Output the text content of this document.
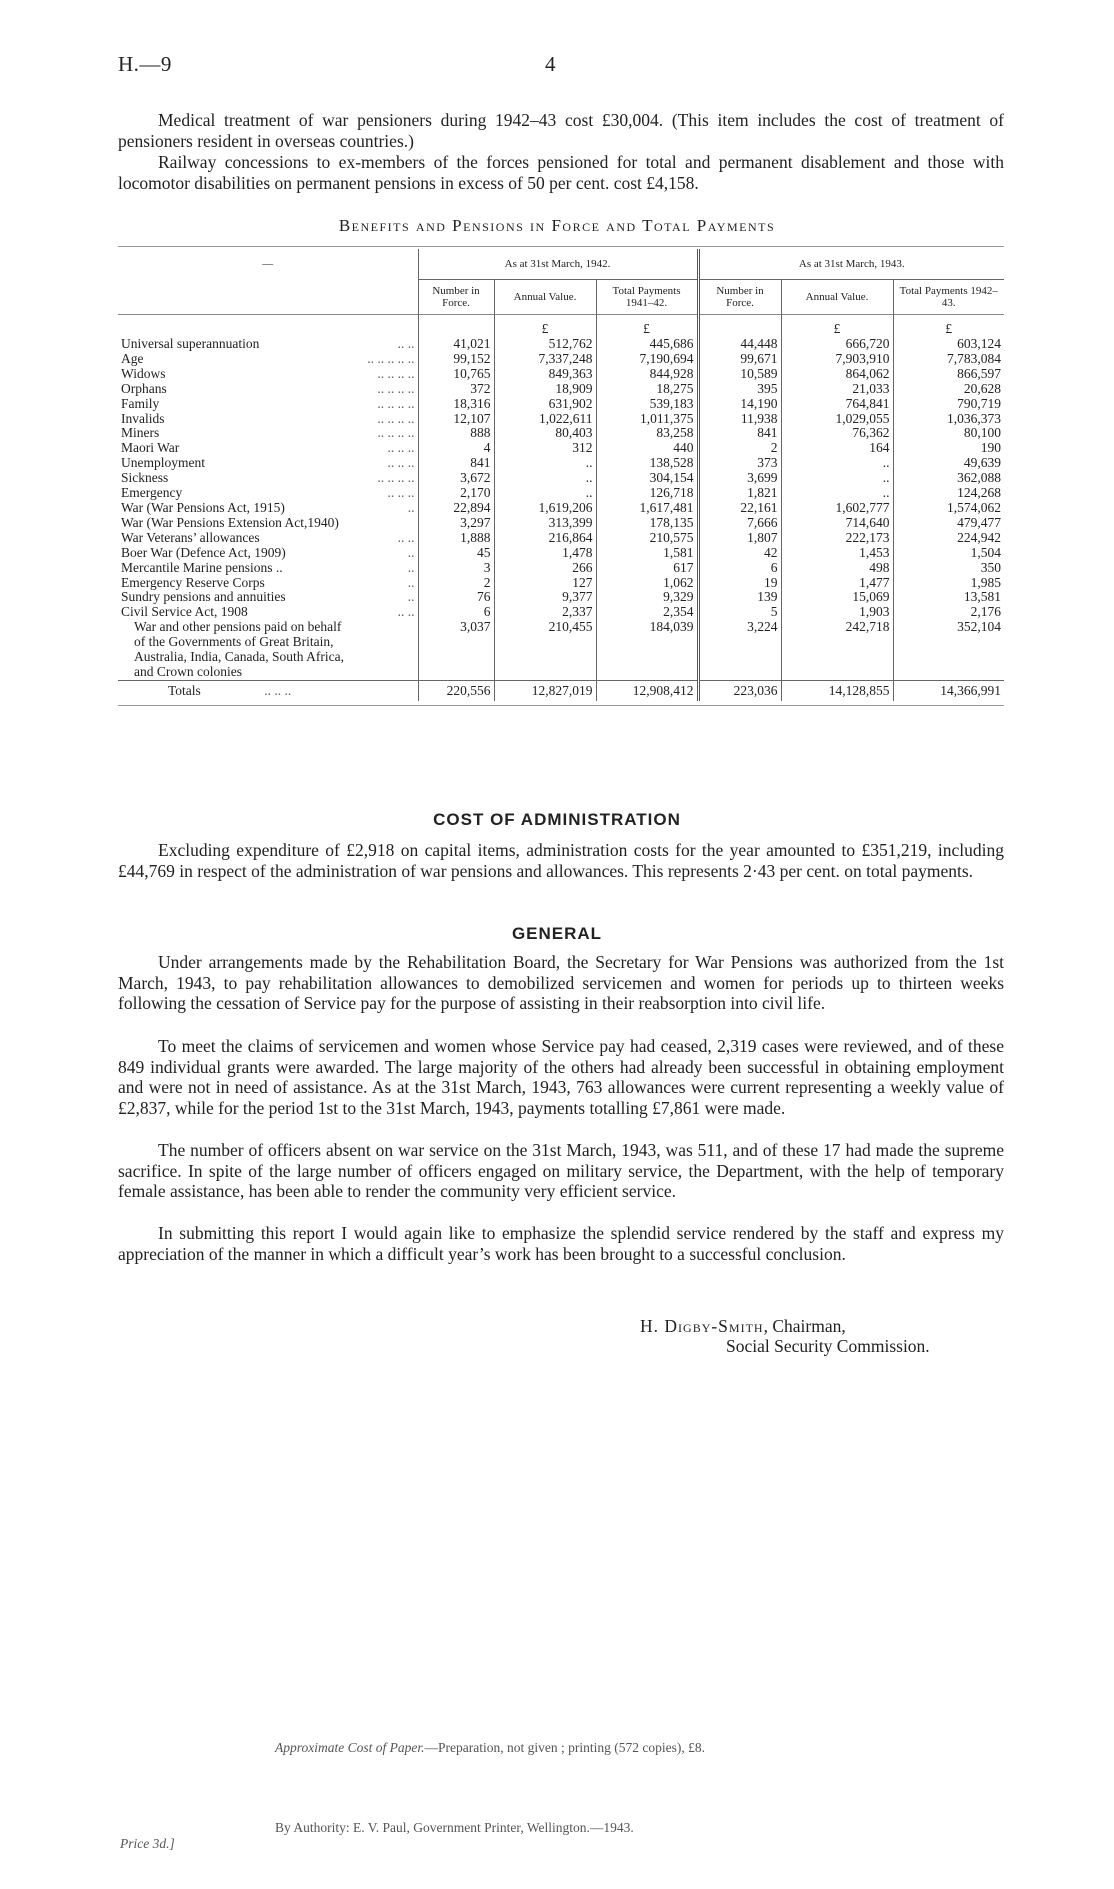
H.—9	4
Medical treatment of war pensioners during 1942–43 cost £30,004. (This item includes the cost of treatment of pensioners resident in overseas countries.)
Railway concessions to ex-members of the forces pensioned for total and permanent disablement and those with locomotor disabilities on permanent pensions in excess of 50 per cent. cost £4,158.
Benefits and Pensions in Force and Total Payments
—	As at 31st March, 1942.			As at 31st March, 1943.		
	Number in Force.	Annual Value.	Total Payments 1941–42.	Number in Force.	Annual Value.	Total Payments 1942–43.
		£	£		£	£
Universal superannuation .. ..	41,021	512,762	445,686	44,448	666,720	603,124
Age .. .. .. .. ..	99,152	7,337,248	7,190,694	99,671	7,903,910	7,783,084
Widows .. .. .. ..	10,765	849,363	844,928	10,589	864,062	866,597
Orphans .. .. .. ..	372	18,909	18,275	395	21,033	20,628
Family .. .. .. ..	18,316	631,902	539,183	14,190	764,841	790,719
Invalids .. .. .. ..	12,107	1,022,611	1,011,375	11,938	1,029,055	1,036,373
Miners .. .. .. ..	888	80,403	83,258	841	76,362	80,100
Maori War .. .. ..	4	312	440	2	164	190
Unemployment .. .. ..	841	..	138,528	373	..	49,639
Sickness .. .. .. ..	3,672	..	304,154	3,699	..	362,088
Emergency .. .. ..	2,170	..	126,718	1,821	..	124,268
War (War Pensions Act, 1915) ..	22,894	1,619,206	1,617,481	22,161	1,602,777	1,574,062
War (War Pensions Extension Act,1940)	3,297	313,399	178,135	7,666	714,640	479,477
War Veterans’ allowances .. ..	1,888	216,864	210,575	1,807	222,173	224,942
Boer War (Defence Act, 1909) ..	45	1,478	1,581	42	1,453	1,504
Mercantile Marine pensions .. ..	3	266	617	6	498	350
Emergency Reserve Corps ..	2	127	1,062	19	1,477	1,985
Sundry pensions and annuities ..	76	9,377	9,329	139	15,069	13,581
Civil Service Act, 1908 .. ..	6	2,337	2,354	5	1,903	2,176
War and other pensions paid on behalf	3,037	210,455	184,039	3,224	242,718	352,104
of the Governments of Great Britain,						
Australia, India, Canada, South Africa,						
and Crown colonies						
Totals .. .. ..	220,556	12,827,019	12,908,412	223,036	14,128,855	14,366,991
COST OF ADMINISTRATION
Excluding expenditure of £2,918 on capital items, administration costs for the year amounted to £351,219, including £44,769 in respect of the administration of war pensions and allowances. This represents 2·43 per cent. on total payments.
GENERAL
Under arrangements made by the Rehabilitation Board, the Secretary for War Pensions was authorized from the 1st March, 1943, to pay rehabilitation allowances to demobilized servicemen and women for periods up to thirteen weeks following the cessation of Service pay for the purpose of assisting in their reabsorption into civil life.
To meet the claims of servicemen and women whose Service pay had ceased, 2,319 cases were reviewed, and of these 849 individual grants were awarded. The large majority of the others had already been successful in obtaining employment and were not in need of assistance. As at the 31st March, 1943, 763 allowances were current representing a weekly value of £2,837, while for the period 1st to the 31st March, 1943, payments totalling £7,861 were made.
The number of officers absent on war service on the 31st March, 1943, was 511, and of these 17 had made the supreme sacrifice. In spite of the large number of officers engaged on military service, the Department, with the help of temporary female assistance, has been able to render the community very efficient service.
In submitting this report I would again like to emphasize the splendid service rendered by the staff and express my appreciation of the manner in which a difficult year’s work has been brought to a successful conclusion.
H. Digby-Smith, Chairman,
Social Security Commission.
Approximate Cost of Paper.—Preparation, not given ; printing (572 copies), £8.
By Authority: E. V. Paul, Government Printer, Wellington.—1943.
Price 3d.]
